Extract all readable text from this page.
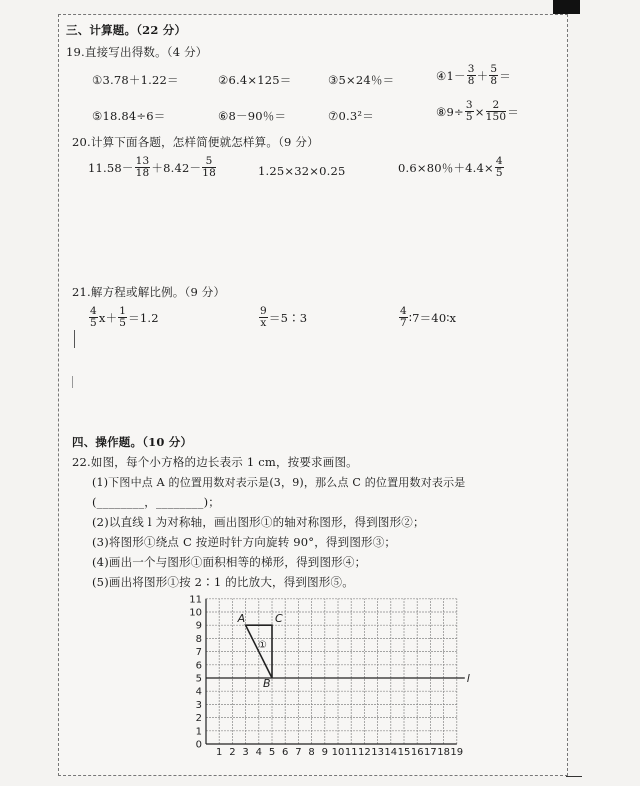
三、计算题。（22 分）
19.直接写出得数。（4 分）
①3.78＋1.22＝	②6.4×125＝	③5×24％＝	④1－ $\frac{3}{8} + \frac{5}{8}$ ＝
⑤18.84÷6＝	⑥8－90％＝	⑦0.3²＝	⑧9÷ $\frac{3}{5} \times \frac{2}{150}$ ＝
20.计算下面各题，怎样简便就怎样算。（9 分）
$11.58- \frac{13}{18} +8.42- \frac{5}{18}$	1.25×32×0.25	0.6×80％$+4.4\times \frac{4}{5}$
21.解方程或解比例。（9 分）
$\frac{4}{5} x+ \frac{1}{5} =1.2$	$\frac{9}{x}$ ＝5∶3	$\frac{4}{7}$ ∶7＝40∶x
四、操作题。（10 分）
22.如图，每个小方格的边长表示 1 cm，按要求画图。
(1)下图中点 A 的位置用数对表示是(3，9)，那么点 C 的位置用数对表示是
(________，________)；
(2)以直线 l 为对称轴，画出图形①的轴对称图形，得到图形②；
(3)将图形①绕点 C 按逆时针方向旋转 90°，得到图形③；
(4)画出一个与图形①面积相等的梯形，得到图形④；
(5)画出将图形①按 2∶1 的比放大，得到图形⑤。
0
1
2
3
4
5
6
7
8
9
10
11
1 2 3 4 5 6 7 8 9 10 11 12 13 14 15 16 17 18 19
l
A	C
B
①
